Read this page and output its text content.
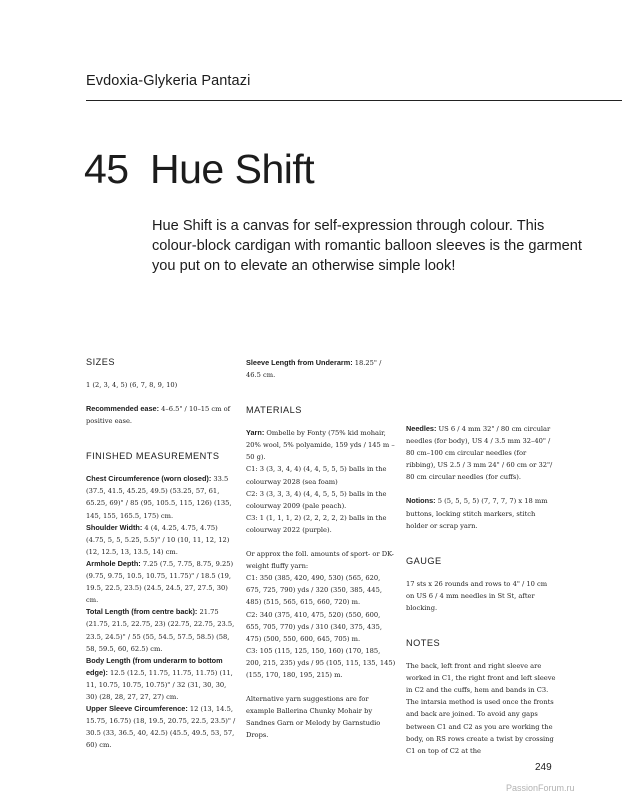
Evdoxia-Glykeria Pantazi
45 Hue Shift
Hue Shift is a canvas for self-expression through colour. This colour-block cardigan with romantic balloon sleeves is the garment you put on to elevate an otherwise simple look!
SIZES

1 (2, 3, 4, 5) (6, 7, 8, 9, 10)

Recommended ease: 4–6.5" / 10–15 cm of positive ease.

FINISHED MEASUREMENTS

Chest Circumference (worn closed): 33.5 (37.5, 41.5, 45.25, 49.5) (53.25, 57, 61, 65.25, 69)" / 85 (95, 105.5, 115, 126) (135, 145, 155, 165.5, 175) cm.

Shoulder Width: 4 (4, 4.25, 4.75, 4.75) (4.75, 5, 5, 5.25, 5.5)" / 10 (10, 11, 12, 12) (12, 12.5, 13, 13.5, 14) cm.

Armhole Depth: 7.25 (7.5, 7.75, 8.75, 9.25) (9.75, 9.75, 10.5, 10.75, 11.75)" / 18.5 (19, 19.5, 22.5, 23.5) (24.5, 24.5, 27, 27.5, 30) cm.

Total Length (from centre back): 21.75 (21.75, 21.5, 22.75, 23) (22.75, 22.75, 23.5, 23.5, 24.5)" / 55 (55, 54.5, 57.5, 58.5) (58, 58, 59.5, 60, 62.5) cm.

Body Length (from underarm to bottom edge): 12.5 (12.5, 11.75, 11.75, 11.75) (11, 11, 10.75, 10.75, 10.75)" / 32 (31, 30, 30, 30) (28, 28, 27, 27, 27) cm.

Upper Sleeve Circumference: 12 (13, 14.5, 15.75, 16.75) (18, 19.5, 20.75, 22.5, 23.5)" / 30.5 (33, 36.5, 40, 42.5) (45.5, 49.5, 53, 57, 60) cm.

Sleeve Length from Underarm: 18.25" / 46.5 cm.

MATERIALS

Yarn: Ombelle by Fonty (75% kid mohair, 20% wool, 5% polyamide, 159 yds / 145 m – 50 g).

C1: 3 (3, 3, 4, 4) (4, 4, 5, 5, 5) balls in the colourway 2028 (sea foam)

C2: 3 (3, 3, 3, 4) (4, 4, 5, 5, 5) balls in the colourway 2009 (pale peach).

C3: 1 (1, 1, 1, 2) (2, 2, 2, 2, 2) balls in the colourway 2022 (purple).

Or approx the foll. amounts of sport- or DK-weight fluffy yarn:

C1: 350 (385, 420, 490, 530) (565, 620, 675, 725, 790) yds / 320 (350, 385, 445, 485) (515, 565, 615, 660, 720) m.

C2: 340 (375, 410, 475, 520) (550, 600, 655, 705, 770) yds / 310 (340, 375, 435, 475) (500, 550, 600, 645, 705) m.

C3: 105 (115, 125, 150, 160) (170, 185, 200, 215, 235) yds / 95 (105, 115, 135, 145) (155, 170, 180, 195, 215) m.

Alternative yarn suggestions are for example Ballerina Chunky Mohair by Sandnes Garn or Melody by Garnstudio Drops.

Needles: US 6 / 4 mm 32" / 80 cm circular needles (for body), US 4 / 3.5 mm 32–40" / 80 cm–100 cm circular needles (for ribbing), US 2.5 / 3 mm 24" / 60 cm or 32"/ 80 cm circular needles (for cuffs).

Notions: 5 (5, 5, 5, 5) (7, 7, 7, 7) x 18 mm buttons, locking stitch markers, stitch holder or scrap yarn.

GAUGE

17 sts x 26 rounds and rows to 4" / 10 cm on US 6 / 4 mm needles in St St, after blocking.

NOTES

The back, left front and right sleeve are worked in C1, the right front and left sleeve in C2 and the cuffs, hem and bands in C3. The intarsia method is used once the fronts and back are joined. To avoid any gaps between C1 and C2 as you are working the body, on RS rows create a twist by crossing C1 on top of C2 at the

249
PassionForum.ru
